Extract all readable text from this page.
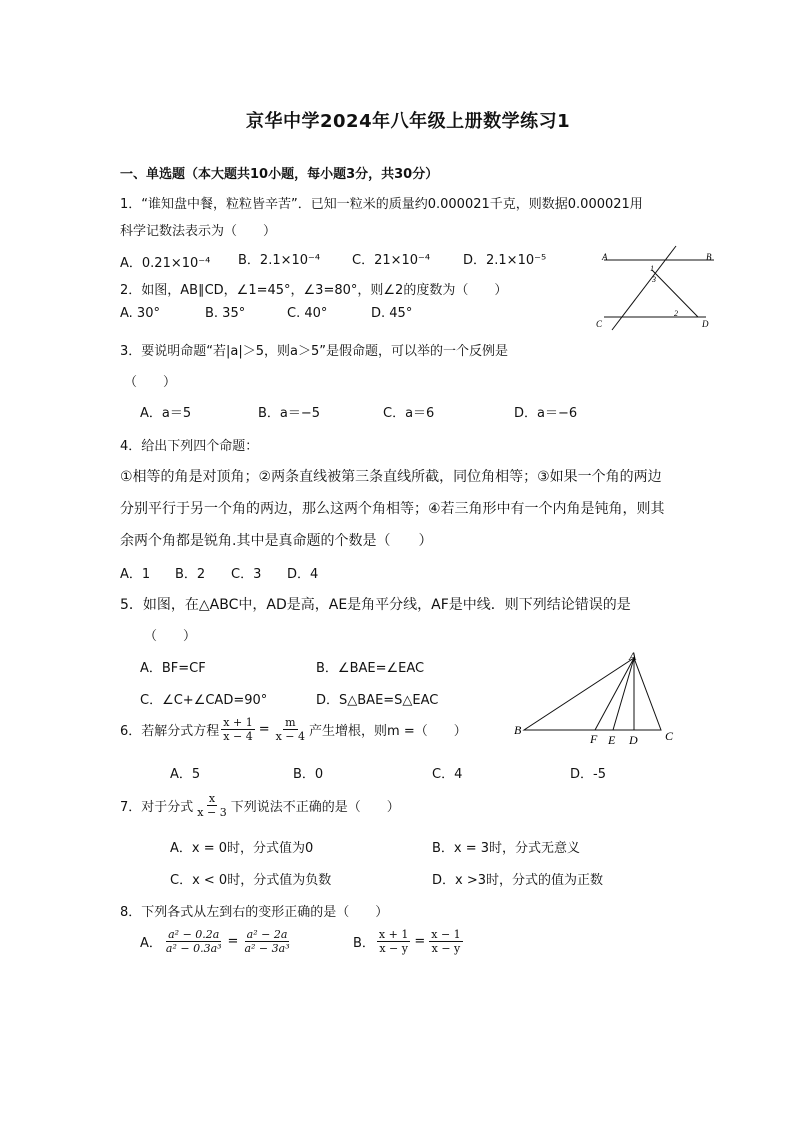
京华中学2024年八年级上册数学练习1
一、单选题（本大题共10小题，每小题3分，共30分）
1．“谁知盘中餐，粒粒皆辛苦”．已知一粒米的质量约0.000021千克，则数据0.000021用
科学记数法表示为（　　）
A．0.21×10⁻⁴ B．2.1×10⁻⁴ C．21×10⁻⁴	D．2.1×10⁻⁵
2．如图，AB∥CD，∠1=45°，∠3=80°，则∠2的度数为（　　）
A. 30°	B. 35°	C. 40°	D. 45°
A	B
C	D
1
2
3
3．要说明命题“若|a|＞5，则a＞5”是假命题，可以举的一个反例是
（　　）
A．a＝5	B．a＝−5	C．a＝6	D．a＝−6
4．给出下列四个命题：
①相等的角是对顶角；②两条直线被第三条直线所截，同位角相等；③如果一个角的两边
分别平行于另一个角的两边，那么这两个角相等；④若三角形中有一个内角是钝角，则其
余两个角都是锐角.其中是真命题的个数是（　　）
A．1 B．2 C．3 D．4
5．如图，在△ABC中，AD是高，AE是角平分线，AF是中线．则下列结论错误的是
（　　）
A．BF=CF	B．∠BAE=∠EAC
C．∠C+∠CAD=90°	D．S△BAE=S△EAC
A
B
F E D C
6．若解分式方程 $\frac{x + 1}{x - 4} = \frac{m}{x - 4}$ 产生增根，则m =（　　）
A．5	B．0	C．4	D．-5
7．对于分式 $\frac{x}{x - 3}$ 下列说法不正确的是（　　）
A．x = 0时，分式值为0	B．x = 3时，分式无意义
C．x < 0时，分式值为负数	D．x >3时，分式的值为正数
8．下列各式从左到右的变形正确的是（　　）
A． $\frac{\text{a² − 0.2a}}{\text{a² − 0.3a³}} = \frac{\text{a² − 2a}}{\text{a² − 3a³}}$	B． $\frac{x + 1}{x - y} = \frac{x - 1}{x - y}$
